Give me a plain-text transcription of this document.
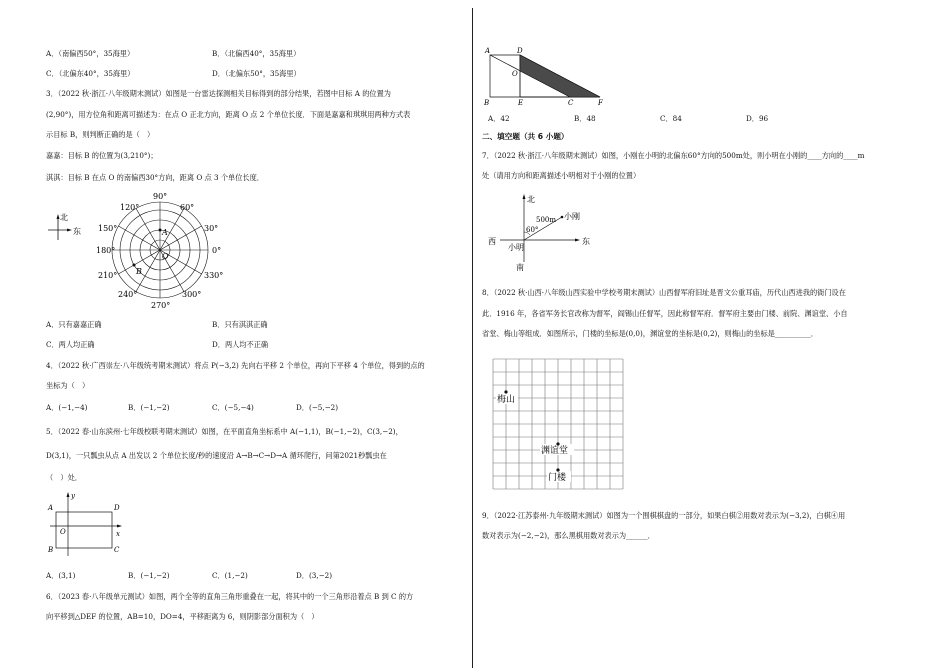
A．（南偏西50°，35海里）	B．（北偏西40°，35海里）
C．（北偏东40°，35海里）	D．（北偏东50°，35海里）
3．（2022 秋·浙江·八年级期末测试）如图是一台雷达探测相关目标得到的部分结果，若图中目标 A 的位置为
(2,90°)，用方位角和距离可描述为：在点 O 正北方向，距离 O 点 2 个单位长度．下面是嘉嘉和琪琪用两种方式表
示目标 B，则判断正确的是（　）
嘉嘉：目标 B 的位置为(3,210°)；
淇淇：目标 B 在点 O 的南偏西30°方向，距离 O 点 3 个单位长度．
北
东
90°
60°
120°
30°
150°
180°	0°
210°	330°
240°	300°
270°
A
B
O
A．只有嘉嘉正确	B．只有淇淇正确
C．两人均正确	D．两人均不正确
4．（2022 秋·广西崇左·八年级统考期末测试）将点 P(−3,2) 先向右平移 2 个单位，再向下平移 4 个单位，得到的点的
坐标为（　）
A．(−1,−4)	B．(−1,−2)	C．(−5,−4)	D．(−5,−2)
5．（2022 春·山东滨州·七年级校联考期末测试）如图，在平面直角坐标系中 A(−1,1)，B(−1,−2)，C(3,−2)，
D(3,1)，一只瓢虫从点 A 出发以 2 个单位长度/秒的速度沿 A→B→C→D→A 循环爬行，问第2021秒瓢虫在
（　）处．
y
x
A
B	C
D
O
A．(3,1)	B．(−1,−2)	C．(1,−2)	D．(3,−2)
6．（2023 春·八年级单元测试）如图，两个全等的直角三角形重叠在一起，将其中的一个三角形沿着点 B 到 C 的方
向平移到△DEF 的位置，AB=10，DO=4，平移距离为 6，则阴影部分面积为（　）
A	D
O
B	E	C	F
A．42	B．48	C．84	D．96
二、填空题（共 6 小题）
7．（2022 秋·浙江·八年级期末测试）如图，小刚在小明的北偏东60°方向的500m处，则小明在小刚的____方向的____m
处（请用方向和距离描述小明相对于小刚的位置）
北
南
东
西
小明
小刚
500m
60°
8．（2022 秋·山西·八年级山西实验中学校考期末测试）山西督军府旧址是晋文公重耳庙，历代山西进我的衙门设在
此．1916 年，各省军务长官改称为督军，阎锡山任督军，因此称督军府．督军府主要由门楼、前院、渊谊堂、小自
省堂、梅山等组成．如图所示，门楼的坐标是(0,0)，渊谊堂的坐标是(0,2)，则梅山的坐标是__________．
梅山
渊谊堂
门楼
9．（2022·江苏泰州·九年级期末测试）如图为一个围棋棋盘的一部分，如果白棋②用数对表示为(−3,2)，白棋④用
数对表示为(−2,−2)，那么黑棋用数对表示为______．
